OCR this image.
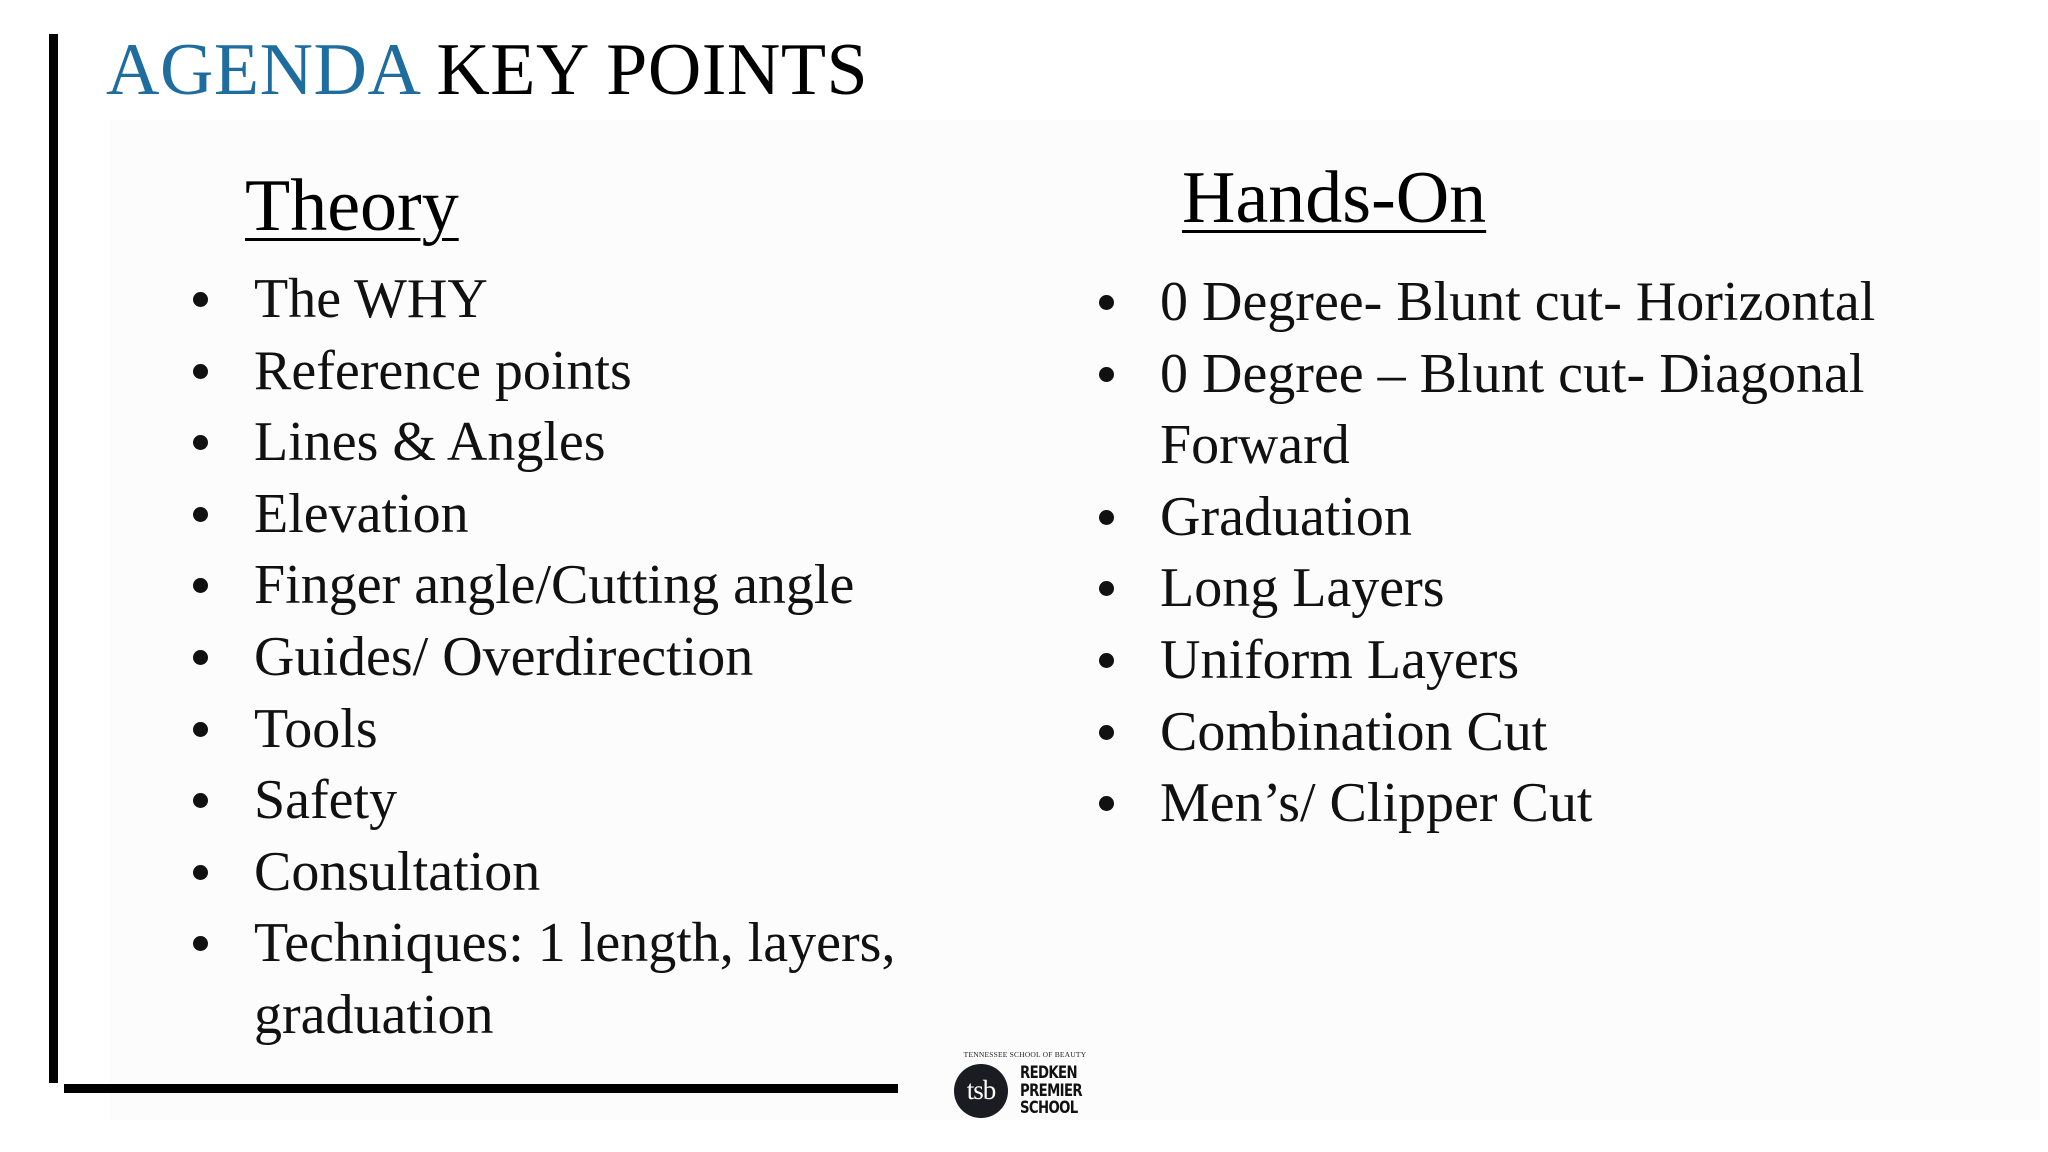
AGENDA KEY POINTS
Theory	Hands-On
The WHY
Reference points
Lines & Angles
Elevation
Finger angle/Cutting angle
Guides/ Overdirection
Tools
Safety
Consultation
Techniques: 1 length, layers, graduation
0 Degree- Blunt cut- Horizontal
0 Degree – Blunt cut- Diagonal Forward
Graduation
Long Layers
Uniform Layers
Combination Cut
Men’s/ Clipper Cut
TENNESSEE SCHOOL OF BEAUTY
tsb
REDKEN
PREMIER
SCHOOL
